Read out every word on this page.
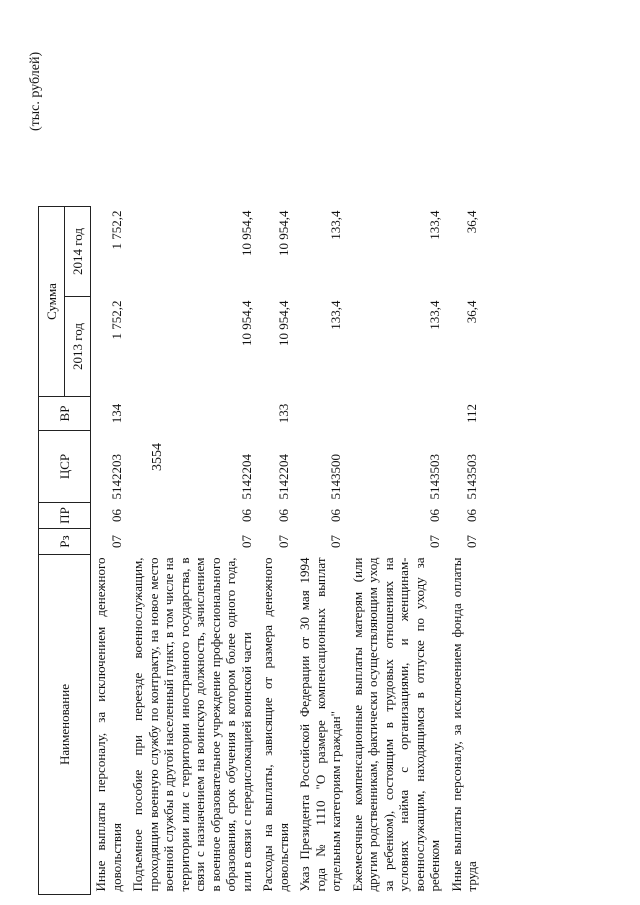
3554
(тыс. рублей)
Наименование	Рз	ПР	ЦСР	ВР	Сумма	
					2013 год	2014 год
Иные выплаты персоналу, за исключением денежного довольствия	07	06	5142203	134	1 752,2	1 752,2
Подъемное пособие при переезде военнослужащим, проходящим военную службу по контракту, на новое место военной службы в другой населенный пункт, в том числе на территории или с территории иностранного государства, в связи с назначением на воинскую должность, зачислением в военное образовательное учреждение профессионального образования, срок обучения в котором более одного года, или в связи с передислокацией воинской части	07	06	5142204		10 954,4	10 954,4
Расходы на выплаты, зависящие от размера денежного довольствия	07	06	5142204	133	10 954,4	10 954,4
Указ Президента Российской Федерации от 30 мая 1994 года № 1110 "О размере компенсационных выплат отдельным категориям граждан"	07	06	5143500		133,4	133,4
Ежемесячные компенсационные выплаты матерям (или другим родственникам, фактически осуществляющим уход за ребенком), состоящим в трудовых отношениях на условиях найма с организациями, и женщинам-военнослужащим, находящимся в отпуске по уходу за ребенком	07	06	5143503		133,4	133,4
Иные выплаты персоналу, за исключением фонда оплаты труда	07	06	5143503	112	36,4	36,4
